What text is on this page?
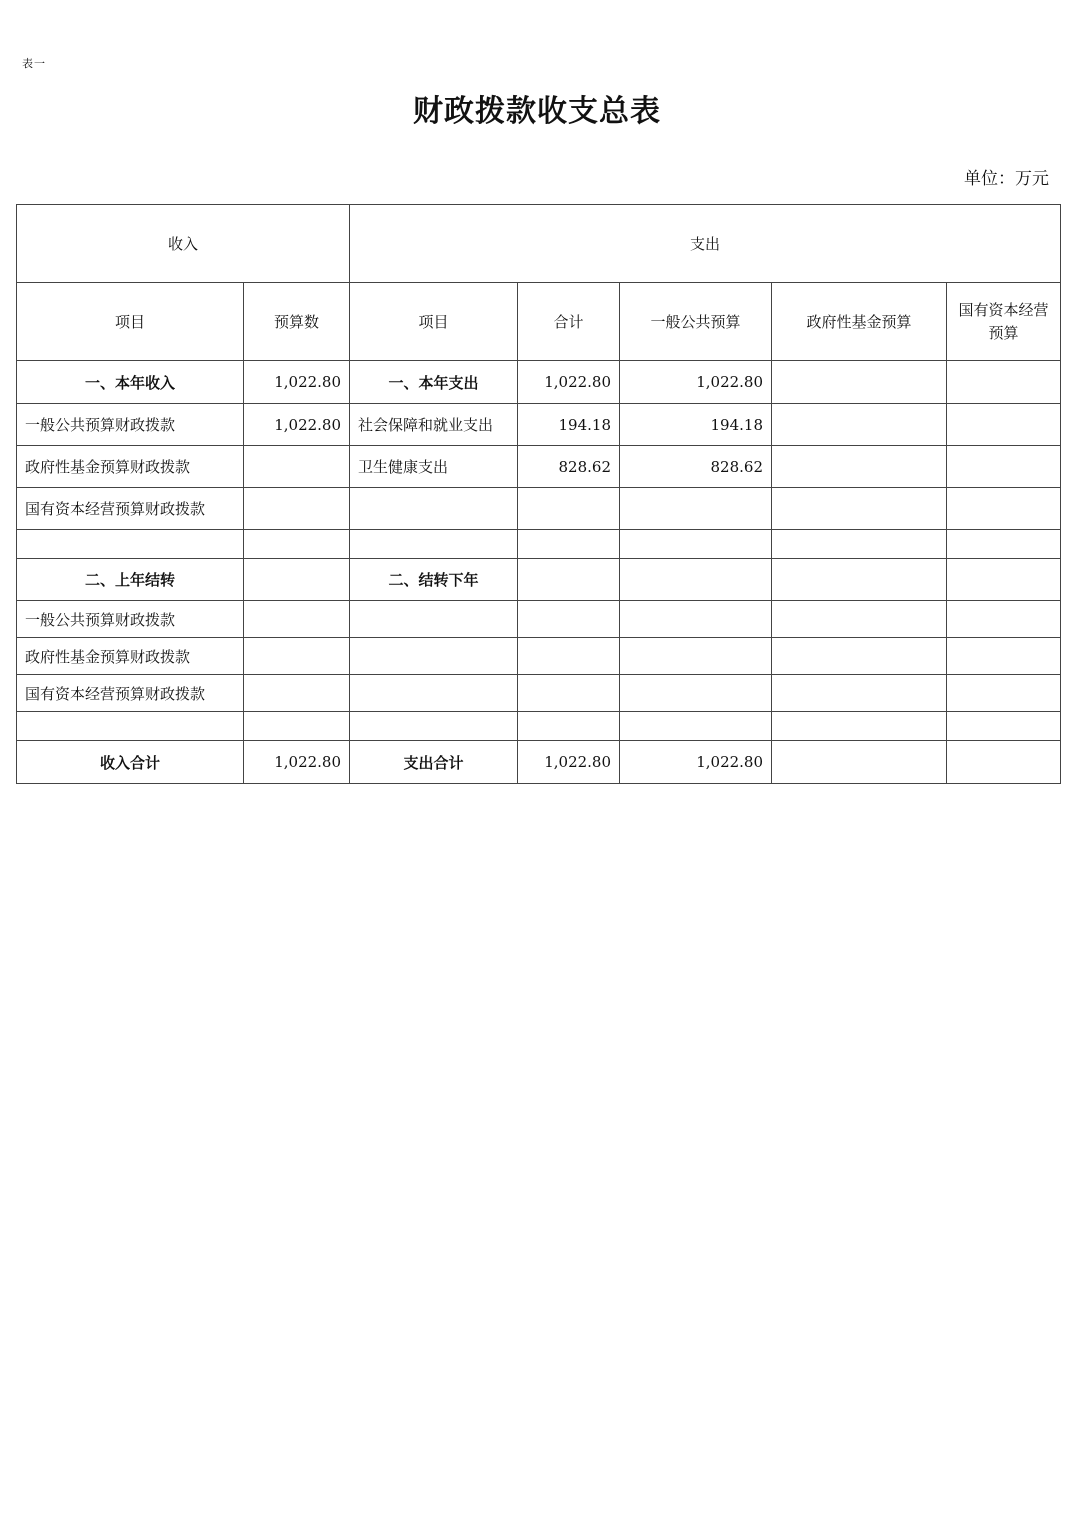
表一
财政拨款收支总表
单位：万元
收入		支出				
项目	预算数	项目	合计	一般公共预算	政府性基金预算	国有资本经营预算
一、本年收入	1,022.80	一、本年支出	1,022.80	1,022.80		
一般公共预算财政拨款	1,022.80	社会保障和就业支出	194.18	194.18		
政府性基金预算财政拨款		卫生健康支出	828.62	828.62		
国有资本经营预算财政拨款						

二、上年结转		二、结转下年				
一般公共预算财政拨款						
政府性基金预算财政拨款						
国有资本经营预算财政拨款						

收入合计	1,022.80	支出合计	1,022.80	1,022.80		
